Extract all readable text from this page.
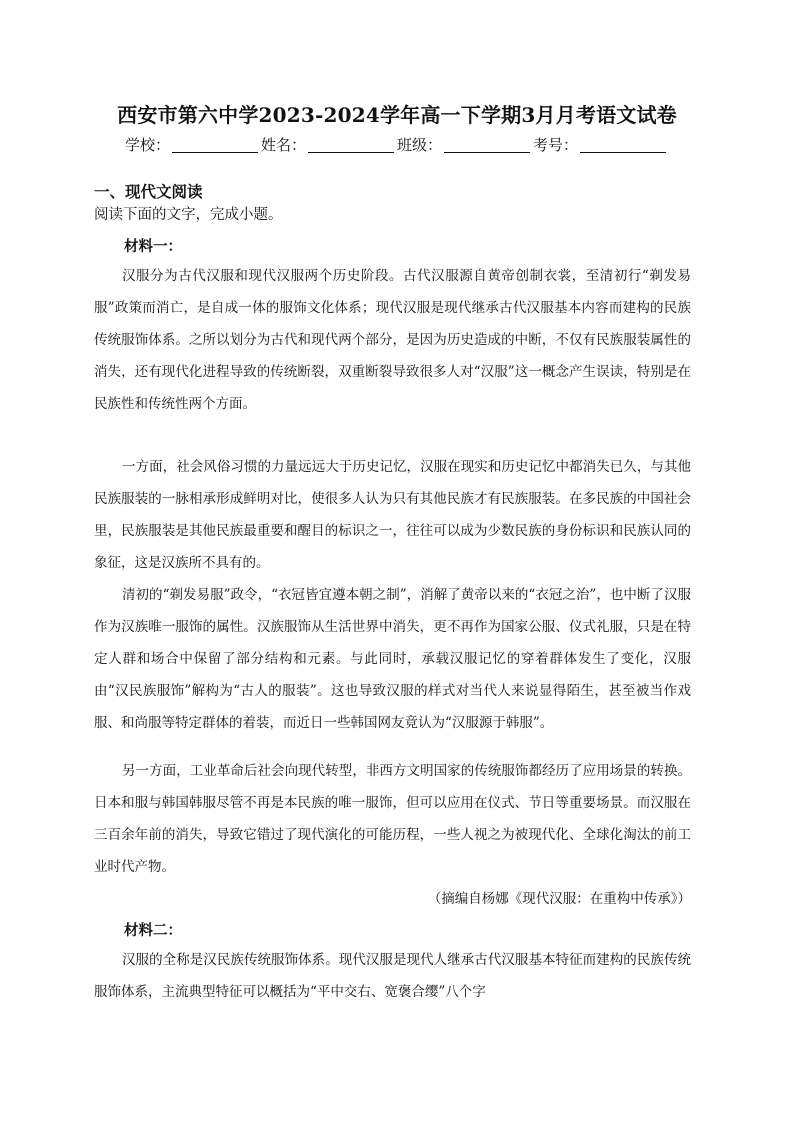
西安市第六中学2023-2024学年高一下学期3月月考语文试卷
学校：	姓名：	班级：	考号：
一、现代文阅读
阅读下面的文字，完成小题。
材料一：

汉服分为古代汉服和现代汉服两个历史阶段。古代汉服源自黄帝创制衣裳，至清初行“剃发易服”政策而消亡，是自成一体的服饰文化体系；现代汉服是现代继承古代汉服基本内容而建构的民族传统服饰体系。之所以划分为古代和现代两个部分，是因为历史造成的中断，不仅有民族服装属性的消失，还有现代化进程导致的传统断裂，双重断裂导致很多人对“汉服”这一概念产生误读，特别是在民族性和传统性两个方面。

一方面，社会风俗习惯的力量远远大于历史记忆，汉服在现实和历史记忆中都消失已久，与其他民族服装的一脉相承形成鲜明对比，使很多人认为只有其他民族才有民族服装。在多民族的中国社会里，民族服装是其他民族最重要和醒目的标识之一，往往可以成为少数民族的身份标识和民族认同的象征，这是汉族所不具有的。

清初的“剃发易服”政令，“衣冠皆宜遵本朝之制”，消解了黄帝以来的“衣冠之治”，也中断了汉服作为汉族唯一服饰的属性。汉族服饰从生活世界中消失，更不再作为国家公服、仪式礼服，只是在特定人群和场合中保留了部分结构和元素。与此同时，承载汉服记忆的穿着群体发生了变化，汉服由“汉民族服饰”解构为“古人的服装”。这也导致汉服的样式对当代人来说显得陌生，甚至被当作戏服、和尚服等特定群体的着装，而近日一些韩国网友竟认为“汉服源于韩服”。

另一方面，工业革命后社会向现代转型，非西方文明国家的传统服饰都经历了应用场景的转换。日本和服与韩国韩服尽管不再是本民族的唯一服饰，但可以应用在仪式、节日等重要场景。而汉服在三百余年前的消失，导致它错过了现代演化的可能历程，一些人视之为被现代化、全球化淘汰的前工业时代产物。

（摘编自杨娜《现代汉服：在重构中传承》）
材料二：

汉服的全称是汉民族传统服饰体系。现代汉服是现代人继承古代汉服基本特征而建构的民族传统服饰体系，主流典型特征可以概括为“平中交右、宽褒合缨”八个字
